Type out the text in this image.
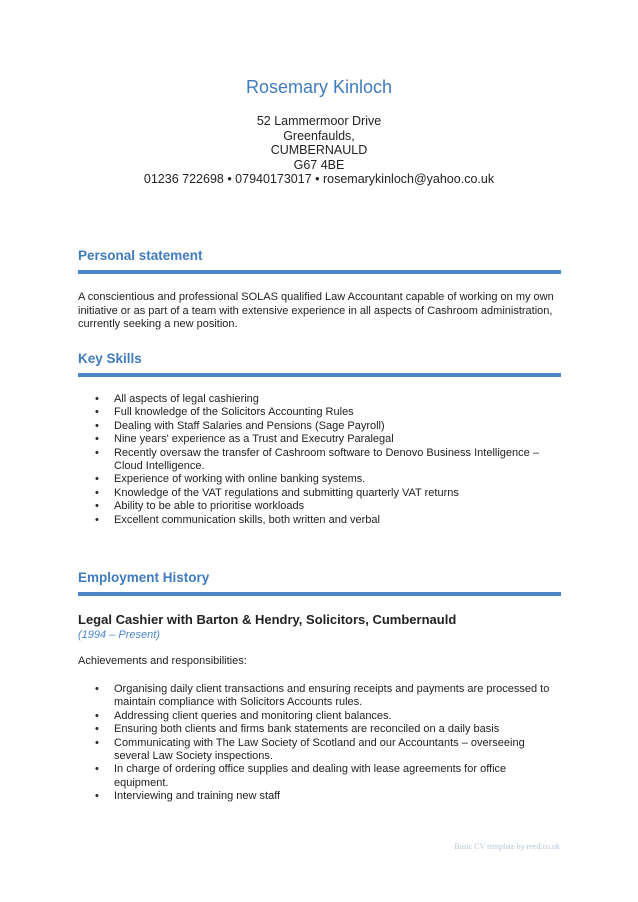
Rosemary Kinloch
52 Lammermoor Drive
Greenfaulds,
CUMBERNAULD
G67 4BE
01236 722698 • 07940173017 • rosemarykinloch@yahoo.co.uk
Personal statement
A conscientious and professional SOLAS qualified Law Accountant capable of working on my own initiative or as part of a team with extensive experience in all aspects of Cashroom administration, currently seeking a new position.
Key Skills
• All aspects of legal cashiering
• Full knowledge of the Solicitors Accounting Rules
• Dealing with Staff Salaries and Pensions (Sage Payroll)
• Nine years' experience as a Trust and Executry Paralegal
• Recently oversaw the transfer of Cashroom software to Denovo Business Intelligence – Cloud Intelligence.
• Experience of working with online banking systems.
• Knowledge of the VAT regulations and submitting quarterly VAT returns
• Ability to be able to prioritise workloads
• Excellent communication skills, both written and verbal
Employment History
Legal Cashier with Barton & Hendry, Solicitors, Cumbernauld
(1994 – Present)
Achievements and responsibilities:
• Organising daily client transactions and ensuring receipts and payments are processed to maintain compliance with Solicitors Accounts rules.
• Addressing client queries and monitoring client balances.
• Ensuring both clients and firms bank statements are reconciled on a daily basis
• Communicating with The Law Society of Scotland and our Accountants – overseeing several Law Society inspections.
• In charge of ordering office supplies and dealing with lease agreements for office equipment.
• Interviewing and training new staff
Basic CV template by reed.co.uk
